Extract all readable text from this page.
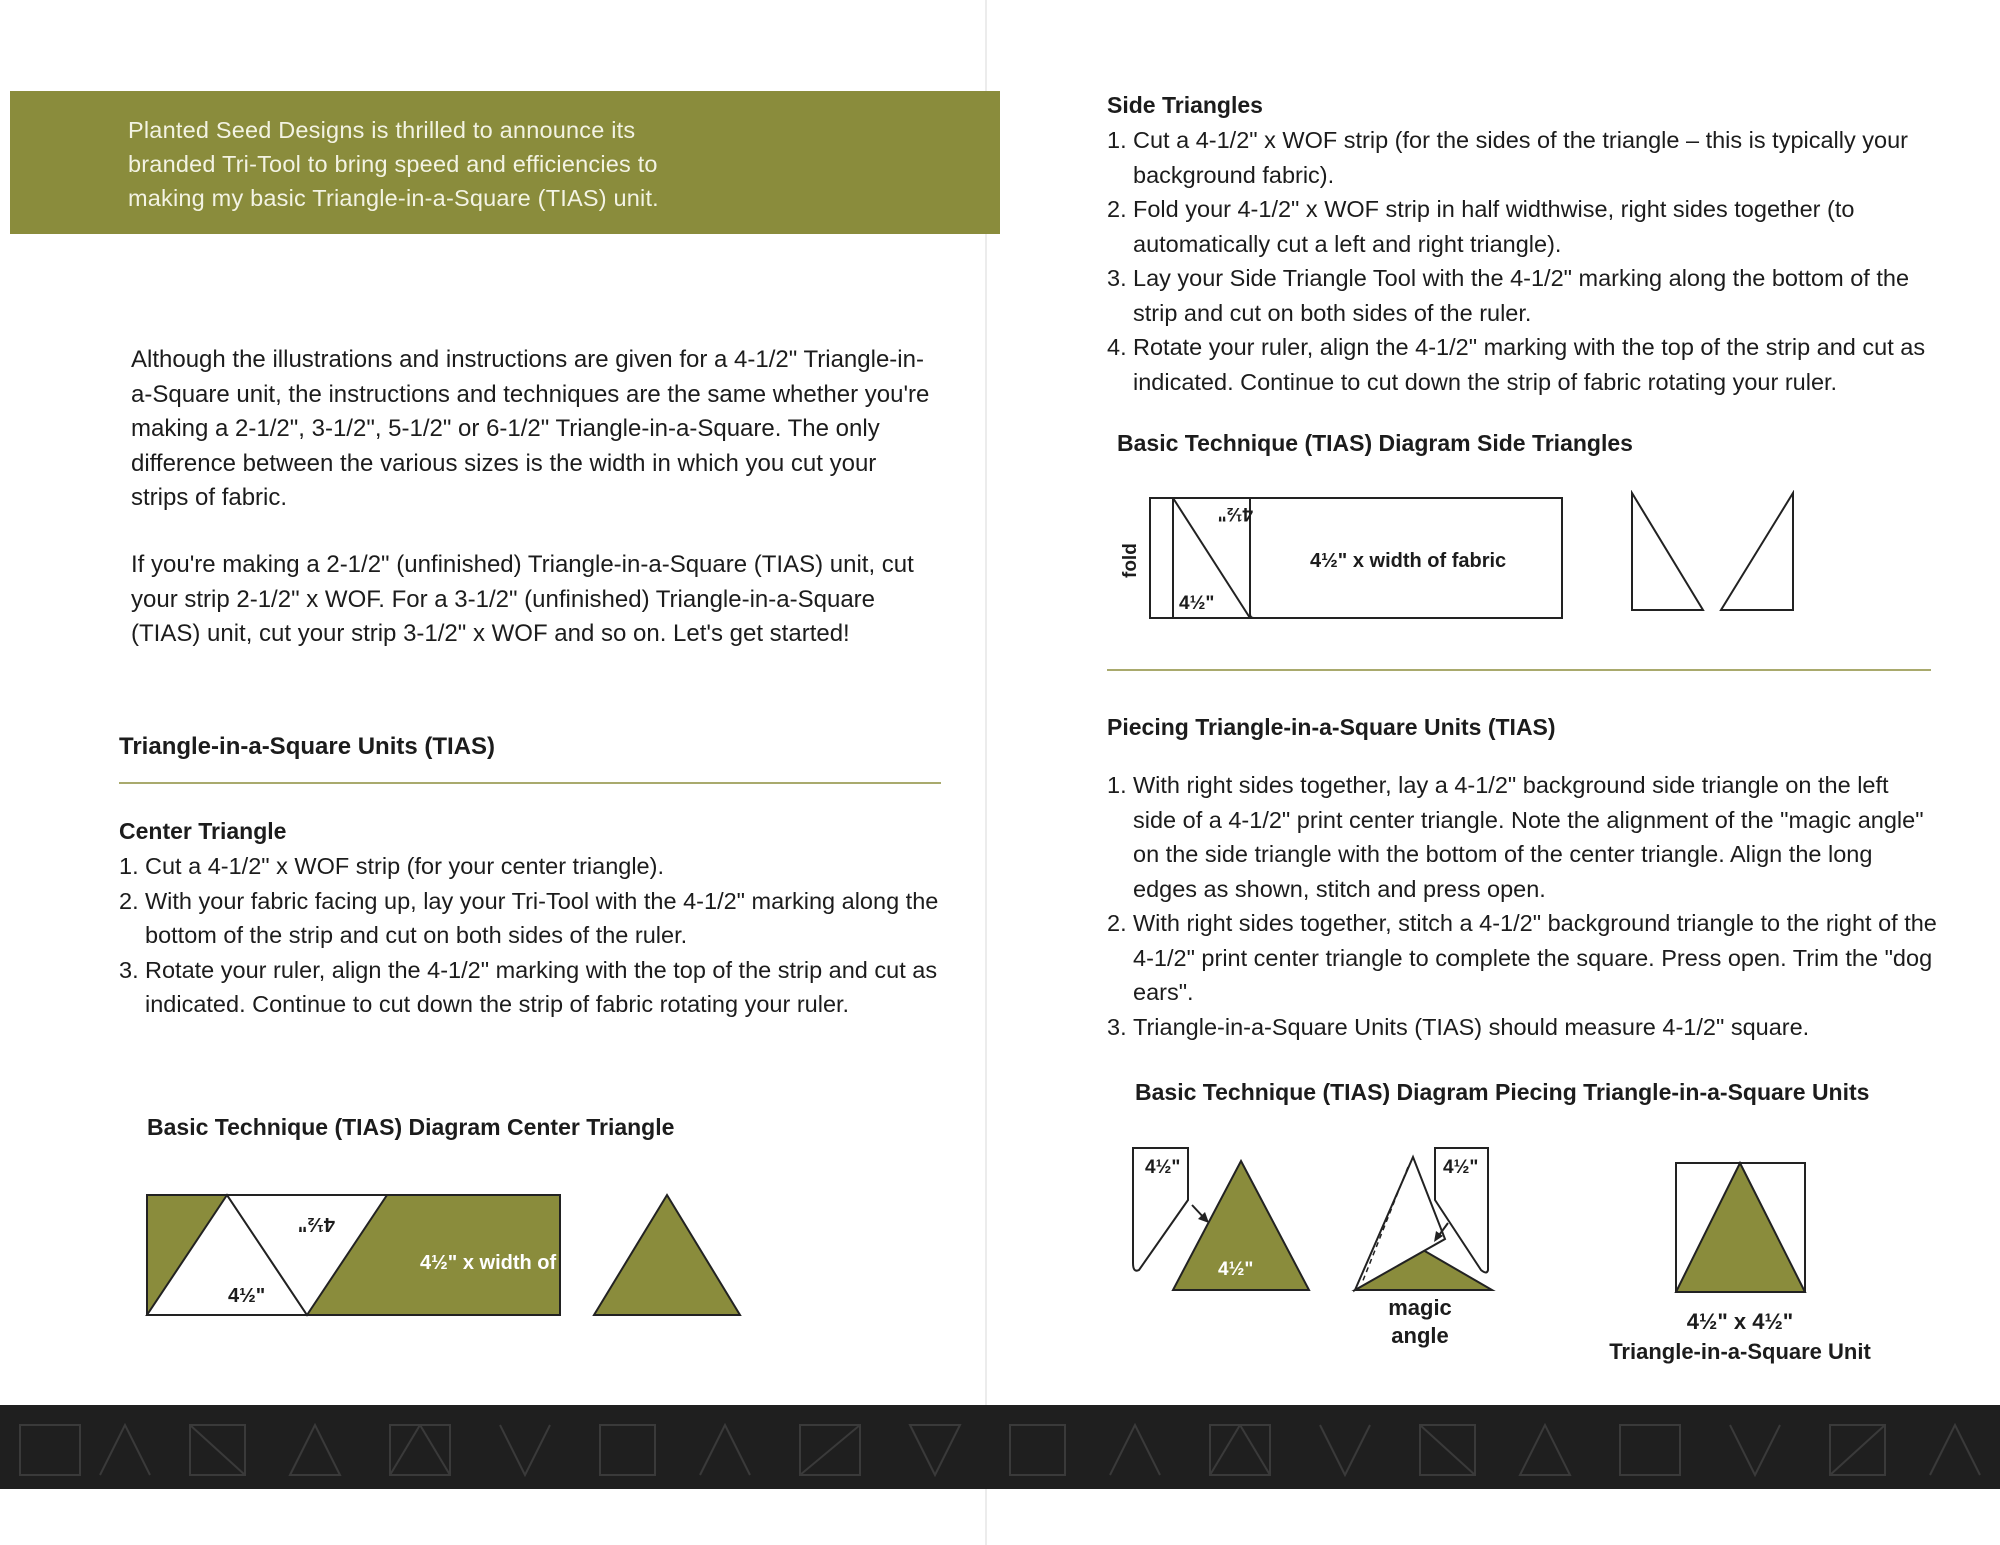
Planted Seed Designs is thrilled to announce its branded Tri-Tool to bring speed and efficiencies to making my basic Triangle-in-a-Square (TIAS) unit.

Although the illustrations and instructions are given for a 4-1/2" Triangle-in-a-Square unit, the instructions and techniques are the same whether you're making a 2-1/2", 3-1/2", 5-1/2" or 6-1/2" Triangle-in-a-Square. The only difference between the various sizes is the width in which you cut your strips of fabric.

If you're making a 2-1/2" (unfinished) Triangle-in-a-Square (TIAS) unit, cut your strip 2-1/2" x WOF. For a 3-1/2" (unfinished) Triangle-in-a-Square (TIAS) unit, cut your strip 3-1/2" x WOF and so on. Let's get started!

Triangle-in-a-Square Units (TIAS)
Center Triangle
1. Cut a 4-1/2" x WOF strip (for your center triangle).
2. With your fabric facing up, lay your Tri-Tool with the 4-1/2" marking along the bottom of the strip and cut on both sides of the ruler.
3. Rotate your ruler, align the 4-1/2" marking with the top of the strip and cut as indicated. Continue to cut down the strip of fabric rotating your ruler.
Basic Technique (TIAS) Diagram Center Triangle
4½"
4½"
4½" x width of strip
Side Triangles
1. Cut a 4-1/2" x WOF strip (for the sides of the triangle – this is typically your background fabric).
2. Fold your 4-1/2" x WOF strip in half widthwise, right sides together (to automatically cut a left and right triangle).
3. Lay your Side Triangle Tool with the 4-1/2" marking along the bottom of the strip and cut on both sides of the ruler.
4. Rotate your ruler, align the 4-1/2" marking with the top of the strip and cut as indicated. Continue to cut down the strip of fabric rotating your ruler.
Basic Technique (TIAS) Diagram Side Triangles
fold
4½"
4½"
4½" x width of fabric
Piecing Triangle-in-a-Square Units (TIAS)
1. With right sides together, lay a 4-1/2" background side triangle on the left side of a 4-1/2" print center triangle. Note the alignment of the "magic angle" on the side triangle with the bottom of the center triangle. Align the long edges as shown, stitch and press open.
2. With right sides together, stitch a 4-1/2" background triangle to the right of the 4-1/2" print center triangle to complete the square. Press open. Trim the "dog ears".
3. Triangle-in-a-Square Units (TIAS) should measure 4-1/2" square.
Basic Technique (TIAS) Diagram Piecing Triangle-in-a-Square Units
4½"
4½"
4½"
magic angle
4½" x 4½"
Triangle-in-a-Square Unit
